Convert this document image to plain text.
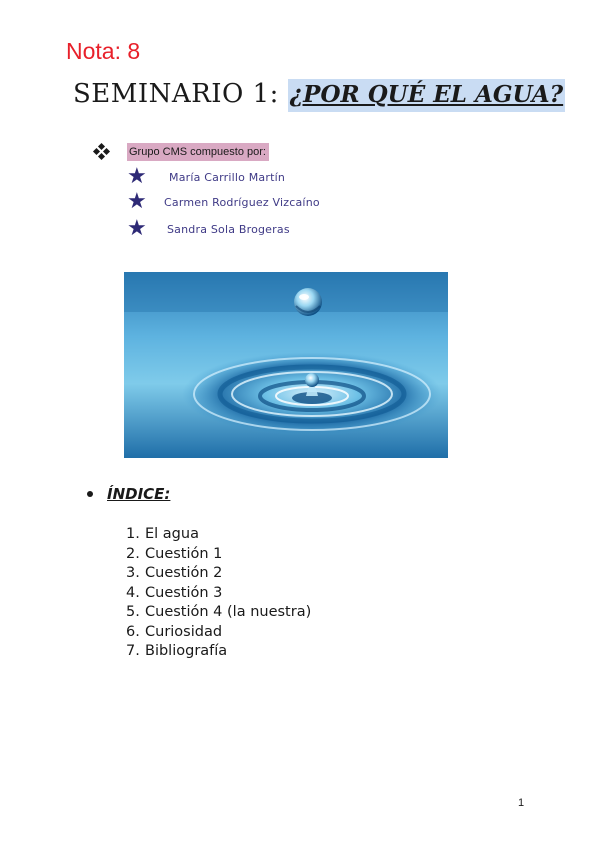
Nota: 8
SEMINARIO 1: ¿POR QUÉ EL AGUA?
Grupo CMS compuesto por:
★ María Carrillo Martín
★ Carmen Rodríguez Vizcaíno
★ Sandra Sola Brogeras
ÍNDICE:
1. El agua
2. Cuestión 1
3. Cuestión 2
4. Cuestión 3
5. Cuestión 4 (la nuestra)
6. Curiosidad
7. Bibliografía
1
